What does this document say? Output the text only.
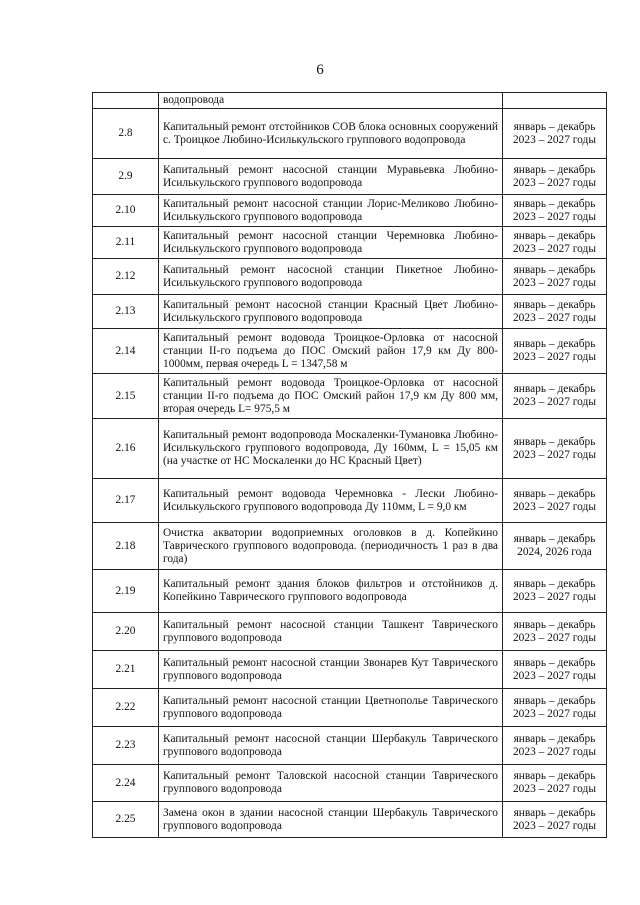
6
	водопровода	

2.8	Капитальный ремонт отстойников СОВ блока основных сооружений с. Троицкое Любино-Исилькульского группового водопровода	январь – декабрь
2023 – 2027 годы

2.9	Капитальный ремонт насосной станции Муравьевка Любино-Исилькульского группового водопровода	январь – декабрь
2023 – 2027 годы

2.10	Капитальный ремонт насосной станции Лорис-Меликово Любино-Исилькульского группового водопровода	январь – декабрь
2023 – 2027 годы

2.11	Капитальный ремонт насосной станции Черемновка Любино-Исилькульского группового водопровода	январь – декабрь
2023 – 2027 годы

2.12	Капитальный ремонт насосной станции Пикетное Любино-Исилькульского группового водопровода	январь – декабрь
2023 – 2027 годы

2.13	Капитальный ремонт насосной станции Красный Цвет Любино-Исилькульского группового водопровода	январь – декабрь
2023 – 2027 годы

2.14	Капитальный ремонт водовода Троицкое-Орловка от насосной станции II-го подъема до ПОС Омский район 17,9 км Ду 800-1000мм, первая очередь L = 1347,58 м	январь – декабрь
2023 – 2027 годы

2.15	Капитальный ремонт водовода Троицкое-Орловка от насосной станции II-го подъема до ПОС Омский район 17,9 км Ду 800 мм, вторая очередь L= 975,5 м	январь – декабрь
2023 – 2027 годы

2.16	Капитальный ремонт водопровода Москаленки-Тумановка Любино-Исилькульского группового водопровода, Ду 160мм, L = 15,05 км (на участке от НС Москаленки до НС Красный Цвет)	январь – декабрь
2023 – 2027 годы

2.17	Капитальный ремонт водовода Черемновка - Лески Любино-Исилькульского группового водопровода Ду 110мм, L = 9,0 км	январь – декабрь
2023 – 2027 годы

2.18	Очистка акватории водоприемных оголовков в д. Копейкино Таврического группового водопровода. (периодичность 1 раз в два года)	январь – декабрь
2024, 2026 года

2.19	Капитальный ремонт здания блоков фильтров и отстойников д. Копейкино Таврического группового водопровода	январь – декабрь
2023 – 2027 годы

2.20	Капитальный ремонт насосной станции Ташкент Таврического группового водопровода	январь – декабрь
2023 – 2027 годы

2.21	Капитальный ремонт насосной станции Звонарев Кут Таврического группового водопровода	январь – декабрь
2023 – 2027 годы

2.22	Капитальный ремонт насосной станции Цветнополье Таврического группового водопровода	январь – декабрь
2023 – 2027 годы

2.23	Капитальный ремонт насосной станции Шербакуль Таврического группового водопровода	январь – декабрь
2023 – 2027 годы

2.24	Капитальный ремонт Таловской насосной станции Таврического группового водопровода	январь – декабрь
2023 – 2027 годы

2.25	Замена окон в здании насосной станции Шербакуль Таврического группового водопровода	январь – декабрь
2023 – 2027 годы
